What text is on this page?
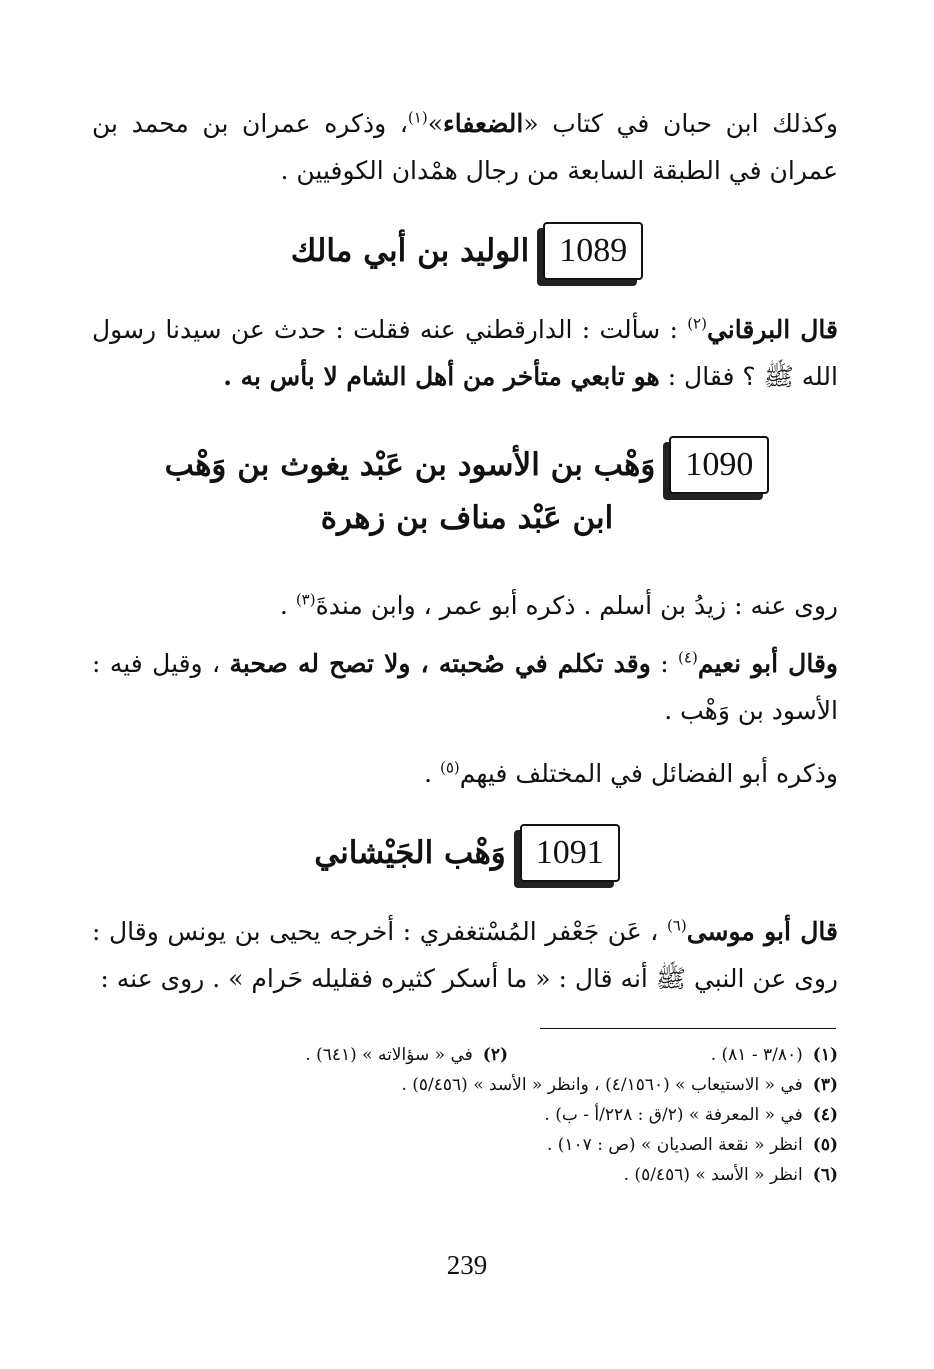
وكذلك ابن حبان في كتاب «الضعفاء»$^{(١)}$، وذكره عمران بن محمد بن عمران في الطبقة السابعة من رجال همْدان الكوفيين .
1089
الوليد بن أبي مالك
قال البرقاني$^{(٢)}$ : سألت : الدارقطني عنه فقلت : حدث عن سيدنا رسول الله ﷺ ؟ فقال : هو تابعي متأخر من أهل الشام لا بأس به .
1090
وَهْب بن الأسود بن عَبْد يغوث بن وَهْب
ابن عَبْد مناف بن زهرة
روى عنه : زيدُ بن أسلم . ذكره أبو عمر ، وابن مندةَ$^{(٣)}$ .
وقال أبو نعيم$^{(٤)}$ : وقد تكلم في صُحبته ، ولا تصح له صحبة ، وقيل فيه : الأسود بن وَهْب .
وذكره أبو الفضائل في المختلف فيهم$^{(٥)}$ .
1091
وَهْب الجَيْشاني
قال أبو موسى$^{(٦)}$ ، عَن جَعْفر المُسْتغفري : أخرجه يحيى بن يونس وقال : روى عن النبي ﷺ أنه قال : « ما أسكر كثيره فقليله حَرام » . روى عنه :
(١)(٣/٨٠ - ٨١) .
(٢)في « سؤالاته » (٦٤١) .
(٣)في « الاستيعاب » (٤/١٥٦٠) ، وانظر « الأسد » (٥/٤٥٦) .
(٤)في « المعرفة » (٢/ق : ٢٢٨/أ - ب) .
(٥)انظر « نقعة الصديان » (ص : ١٠٧) .
(٦)انظر « الأسد » (٥/٤٥٦) .
239
